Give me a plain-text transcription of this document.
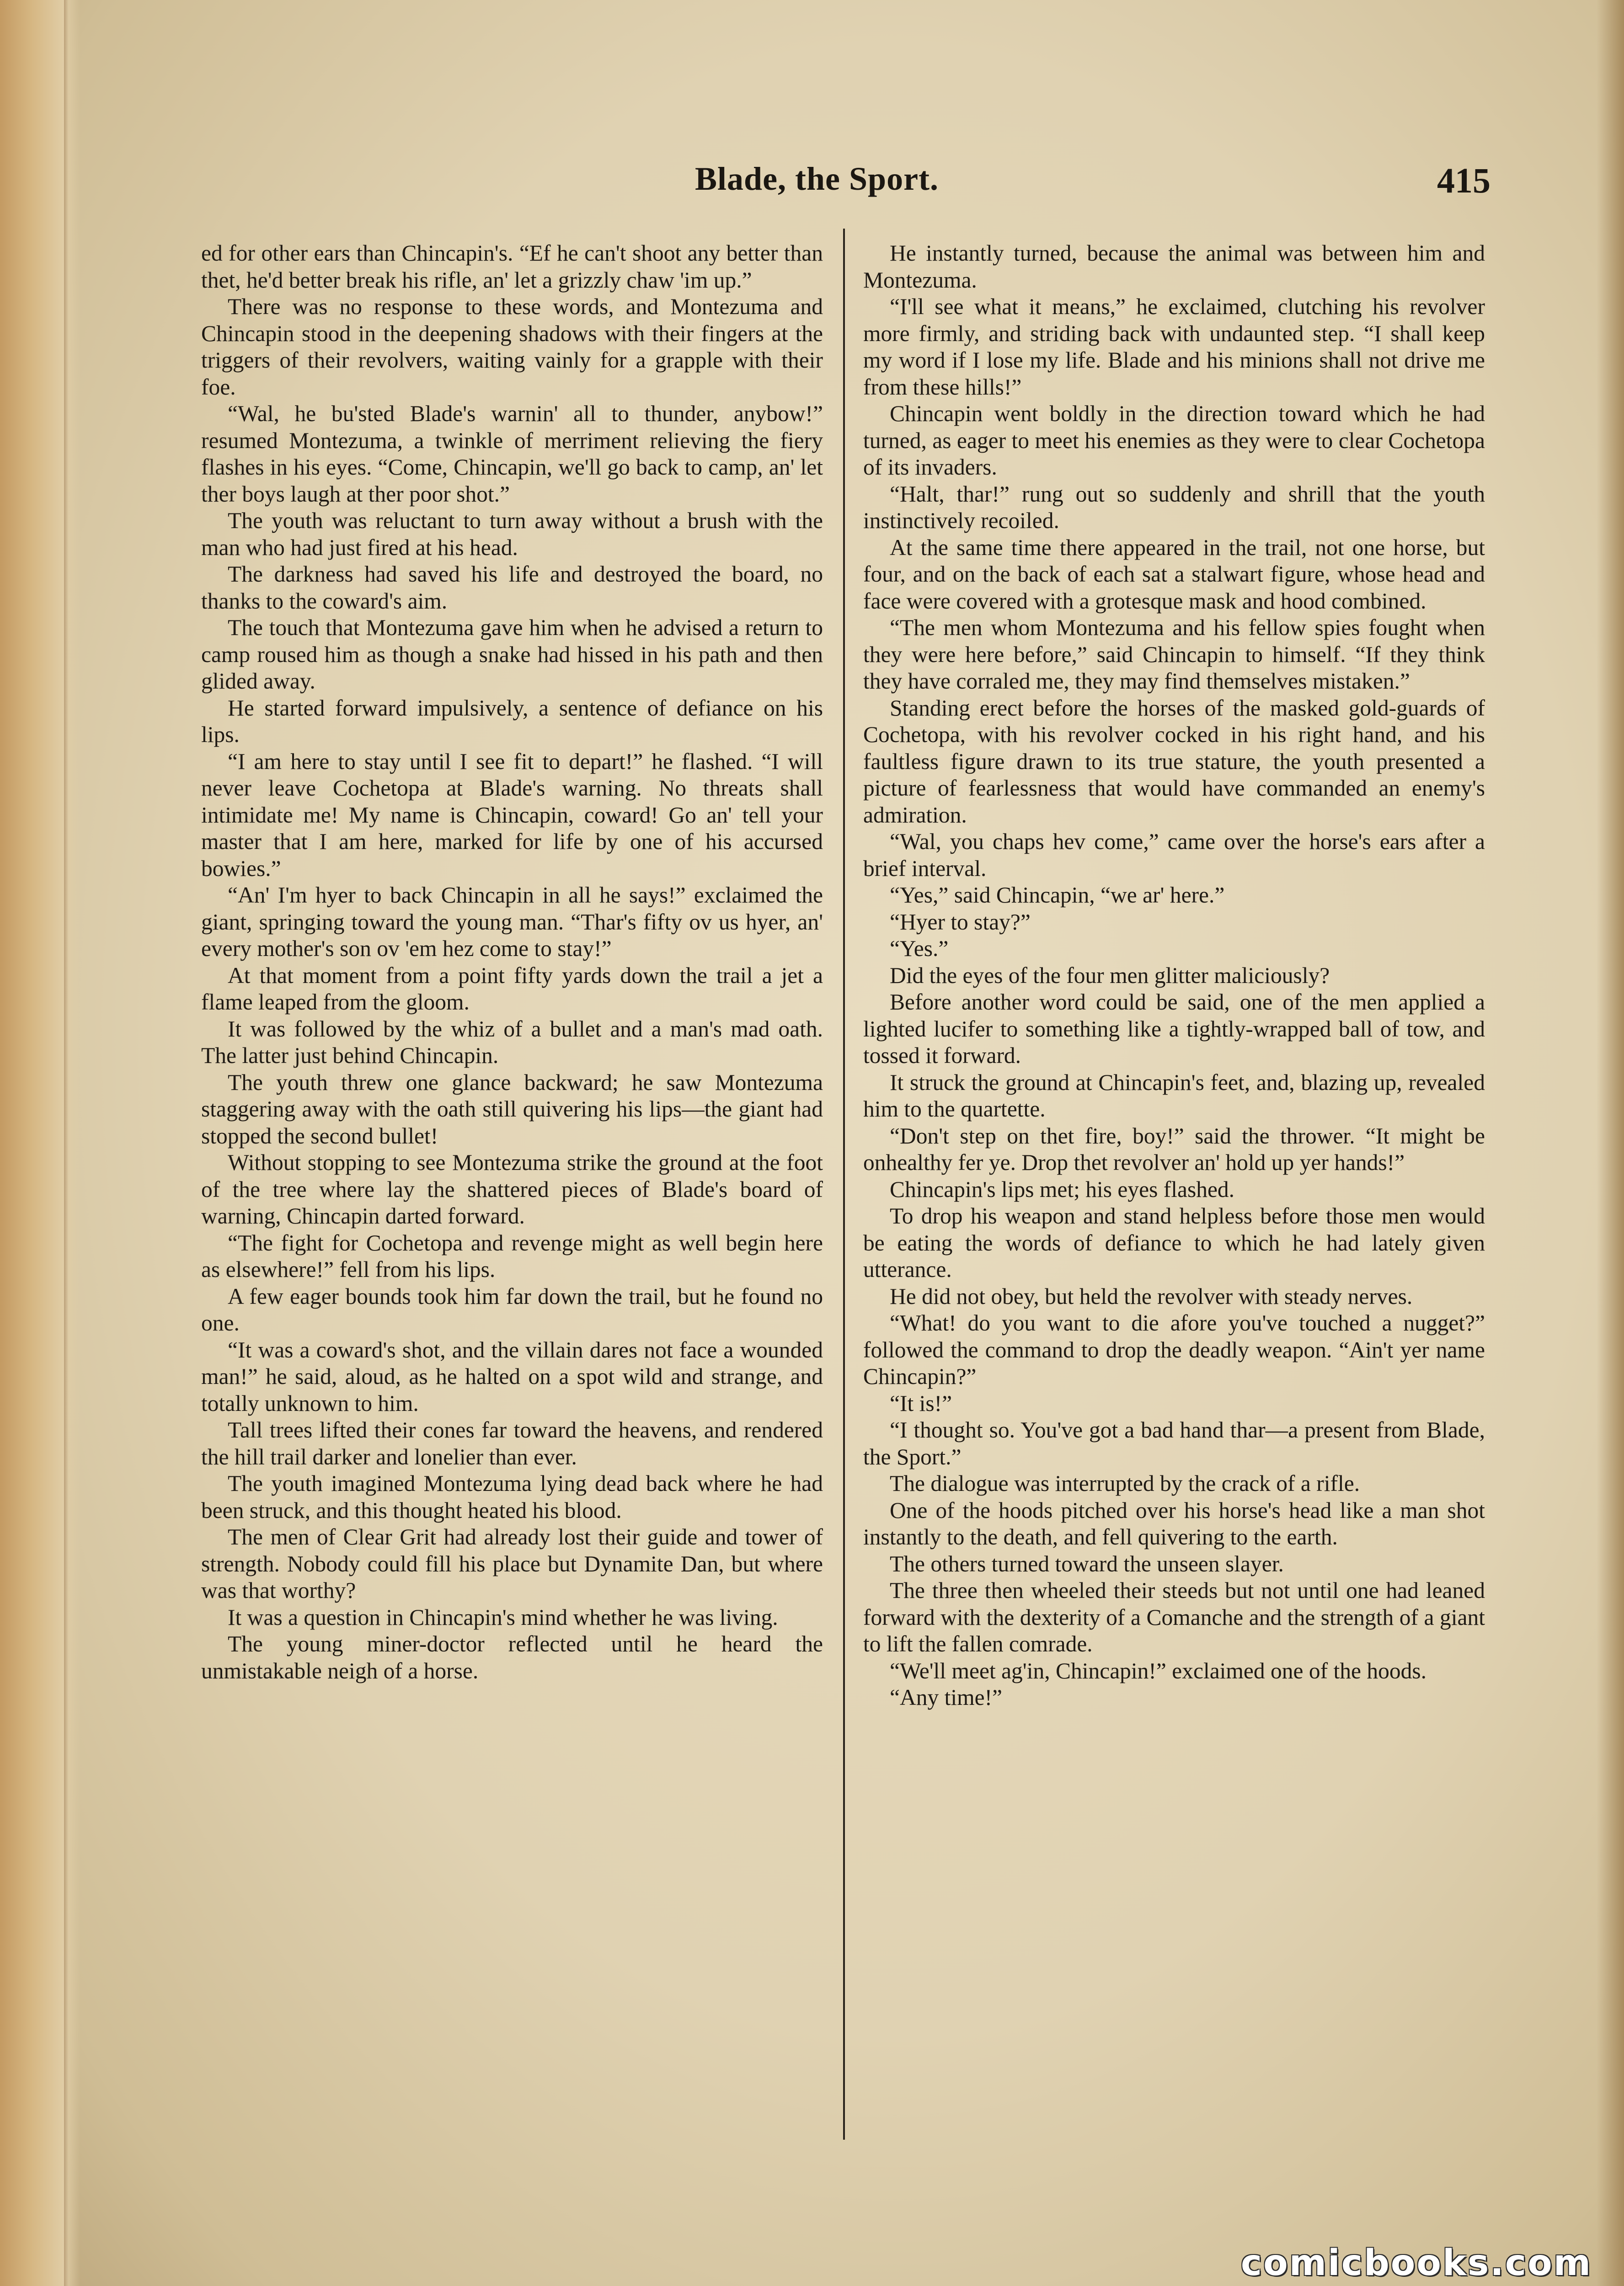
Blade, the Sport.	415

ed for other ears than Chincapin's. “Ef he can't shoot any better than thet, he'd better break his rifle, an' let a grizzly chaw 'im up.”

There was no response to these words, and Montezuma and Chincapin stood in the deepening shadows with their fingers at the triggers of their revolvers, waiting vainly for a grapple with their foe.

“Wal, he bu'sted Blade's warnin' all to thunder, anybow!” resumed Montezuma, a twinkle of merriment relieving the fiery flashes in his eyes. “Come, Chincapin, we'll go back to camp, an' let ther boys laugh at ther poor shot.”

The youth was reluctant to turn away without a brush with the man who had just fired at his head.

The darkness had saved his life and destroyed the board, no thanks to the coward's aim.

The touch that Montezuma gave him when he advised a return to camp roused him as though a snake had hissed in his path and then glided away.

He started forward impulsively, a sentence of defiance on his lips.

“I am here to stay until I see fit to depart!” he flashed. “I will never leave Cochetopa at Blade's warning. No threats shall intimidate me! My name is Chincapin, coward! Go an' tell your master that I am here, marked for life by one of his accursed bowies.”

“An' I'm hyer to back Chincapin in all he says!” exclaimed the giant, springing toward the young man. “Thar's fifty ov us hyer, an' every mother's son ov 'em hez come to stay!”

At that moment from a point fifty yards down the trail a jet a flame leaped from the gloom.

It was followed by the whiz of a bullet and a man's mad oath. The latter just behind Chincapin.

The youth threw one glance backward; he saw Montezuma staggering away with the oath still quivering his lips—the giant had stopped the second bullet!

Without stopping to see Montezuma strike the ground at the foot of the tree where lay the shattered pieces of Blade's board of warning, Chincapin darted forward.

“The fight for Cochetopa and revenge might as well begin here as elsewhere!” fell from his lips.

A few eager bounds took him far down the trail, but he found no one.

“It was a coward's shot, and the villain dares not face a wounded man!” he said, aloud, as he halted on a spot wild and strange, and totally unknown to him.

Tall trees lifted their cones far toward the heavens, and rendered the hill trail darker and lonelier than ever.

The youth imagined Montezuma lying dead back where he had been struck, and this thought heated his blood.

The men of Clear Grit had already lost their guide and tower of strength. Nobody could fill his place but Dynamite Dan, but where was that worthy?

It was a question in Chincapin's mind whether he was living.

The young miner-doctor reflected until he heard the unmistakable neigh of a horse.

He instantly turned, because the animal was between him and Montezuma.

“I'll see what it means,” he exclaimed, clutching his revolver more firmly, and striding back with undaunted step. “I shall keep my word if I lose my life. Blade and his minions shall not drive me from these hills!”

Chincapin went boldly in the direction toward which he had turned, as eager to meet his enemies as they were to clear Cochetopa of its invaders.

“Halt, thar!” rung out so suddenly and shrill that the youth instinctively recoiled.

At the same time there appeared in the trail, not one horse, but four, and on the back of each sat a stalwart figure, whose head and face were covered with a grotesque mask and hood combined.

“The men whom Montezuma and his fellow spies fought when they were here before,” said Chincapin to himself. “If they think they have corraled me, they may find themselves mistaken.”

Standing erect before the horses of the masked gold-guards of Cochetopa, with his revolver cocked in his right hand, and his faultless figure drawn to its true stature, the youth presented a picture of fearlessness that would have commanded an enemy's admiration.

“Wal, you chaps hev come,” came over the horse's ears after a brief interval.

“Yes,” said Chincapin, “we ar' here.”

“Hyer to stay?”

“Yes.”

Did the eyes of the four men glitter maliciously?

Before another word could be said, one of the men applied a lighted lucifer to something like a tightly-wrapped ball of tow, and tossed it forward.

It struck the ground at Chincapin's feet, and, blazing up, revealed him to the quartette.

“Don't step on thet fire, boy!” said the thrower. “It might be onhealthy fer ye. Drop thet revolver an' hold up yer hands!”

Chincapin's lips met; his eyes flashed.

To drop his weapon and stand helpless before those men would be eating the words of defiance to which he had lately given utterance.

He did not obey, but held the revolver with steady nerves.

“What! do you want to die afore you've touched a nugget?” followed the command to drop the deadly weapon. “Ain't yer name Chincapin?”

“It is!”

“I thought so. You've got a bad hand thar—a present from Blade, the Sport.”

The dialogue was interrupted by the crack of a rifle.

One of the hoods pitched over his horse's head like a man shot instantly to the death, and fell quivering to the earth.

The others turned toward the unseen slayer.

The three then wheeled their steeds but not until one had leaned forward with the dexterity of a Comanche and the strength of a giant to lift the fallen comrade.

“We'll meet ag'in, Chincapin!” exclaimed one of the hoods.

“Any time!”

comicbooks.com
